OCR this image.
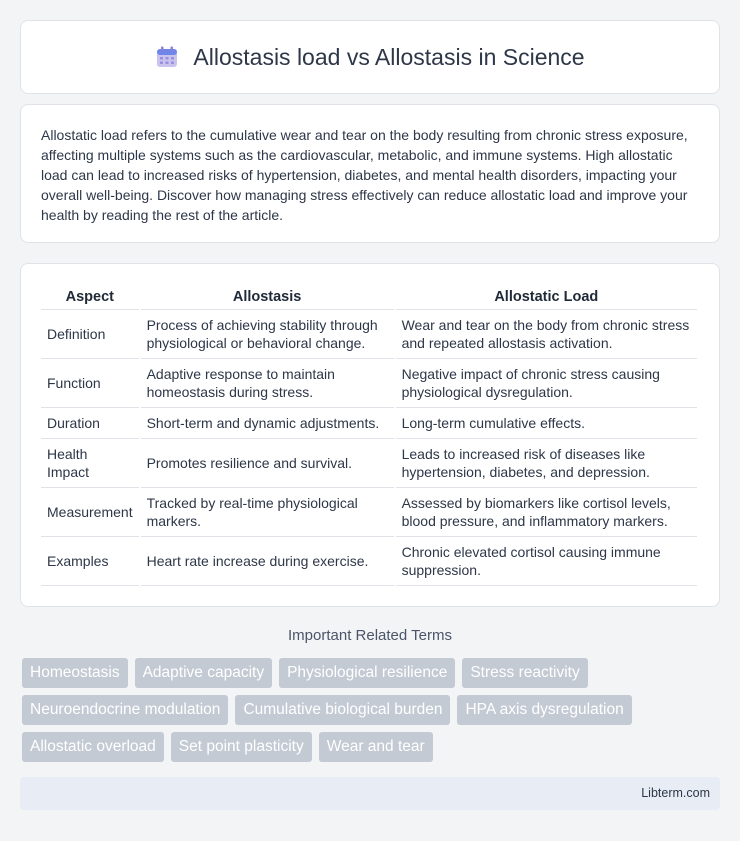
Allostasis load vs Allostasis in Science

Allostatic load refers to the cumulative wear and tear on the body resulting from chronic stress exposure, affecting multiple systems such as the cardiovascular, metabolic, and immune systems. High allostatic load can lead to increased risks of hypertension, diabetes, and mental health disorders, impacting your overall well-being. Discover how managing stress effectively can reduce allostatic load and improve your health by reading the rest of the article.

Aspect	Allostasis	Allostatic Load
Definition	Process of achieving stability through physiological or behavioral change.	Wear and tear on the body from chronic stress and repeated allostasis activation.
Function	Adaptive response to maintain homeostasis during stress.	Negative impact of chronic stress causing physiological dysregulation.
Duration	Short-term and dynamic adjustments.	Long-term cumulative effects.
Health Impact	Promotes resilience and survival.	Leads to increased risk of diseases like hypertension, diabetes, and depression.
Measurement	Tracked by real-time physiological markers.	Assessed by biomarkers like cortisol levels, blood pressure, and inflammatory markers.
Examples	Heart rate increase during exercise.	Chronic elevated cortisol causing immune suppression.
Important Related Terms
Homeostasis	Adaptive capacity	Physiological resilience	Stress reactivity
Neuroendocrine modulation	Cumulative biological burden	HPA axis dysregulation
Allostatic overload	Set point plasticity	Wear and tear
Libterm.com
